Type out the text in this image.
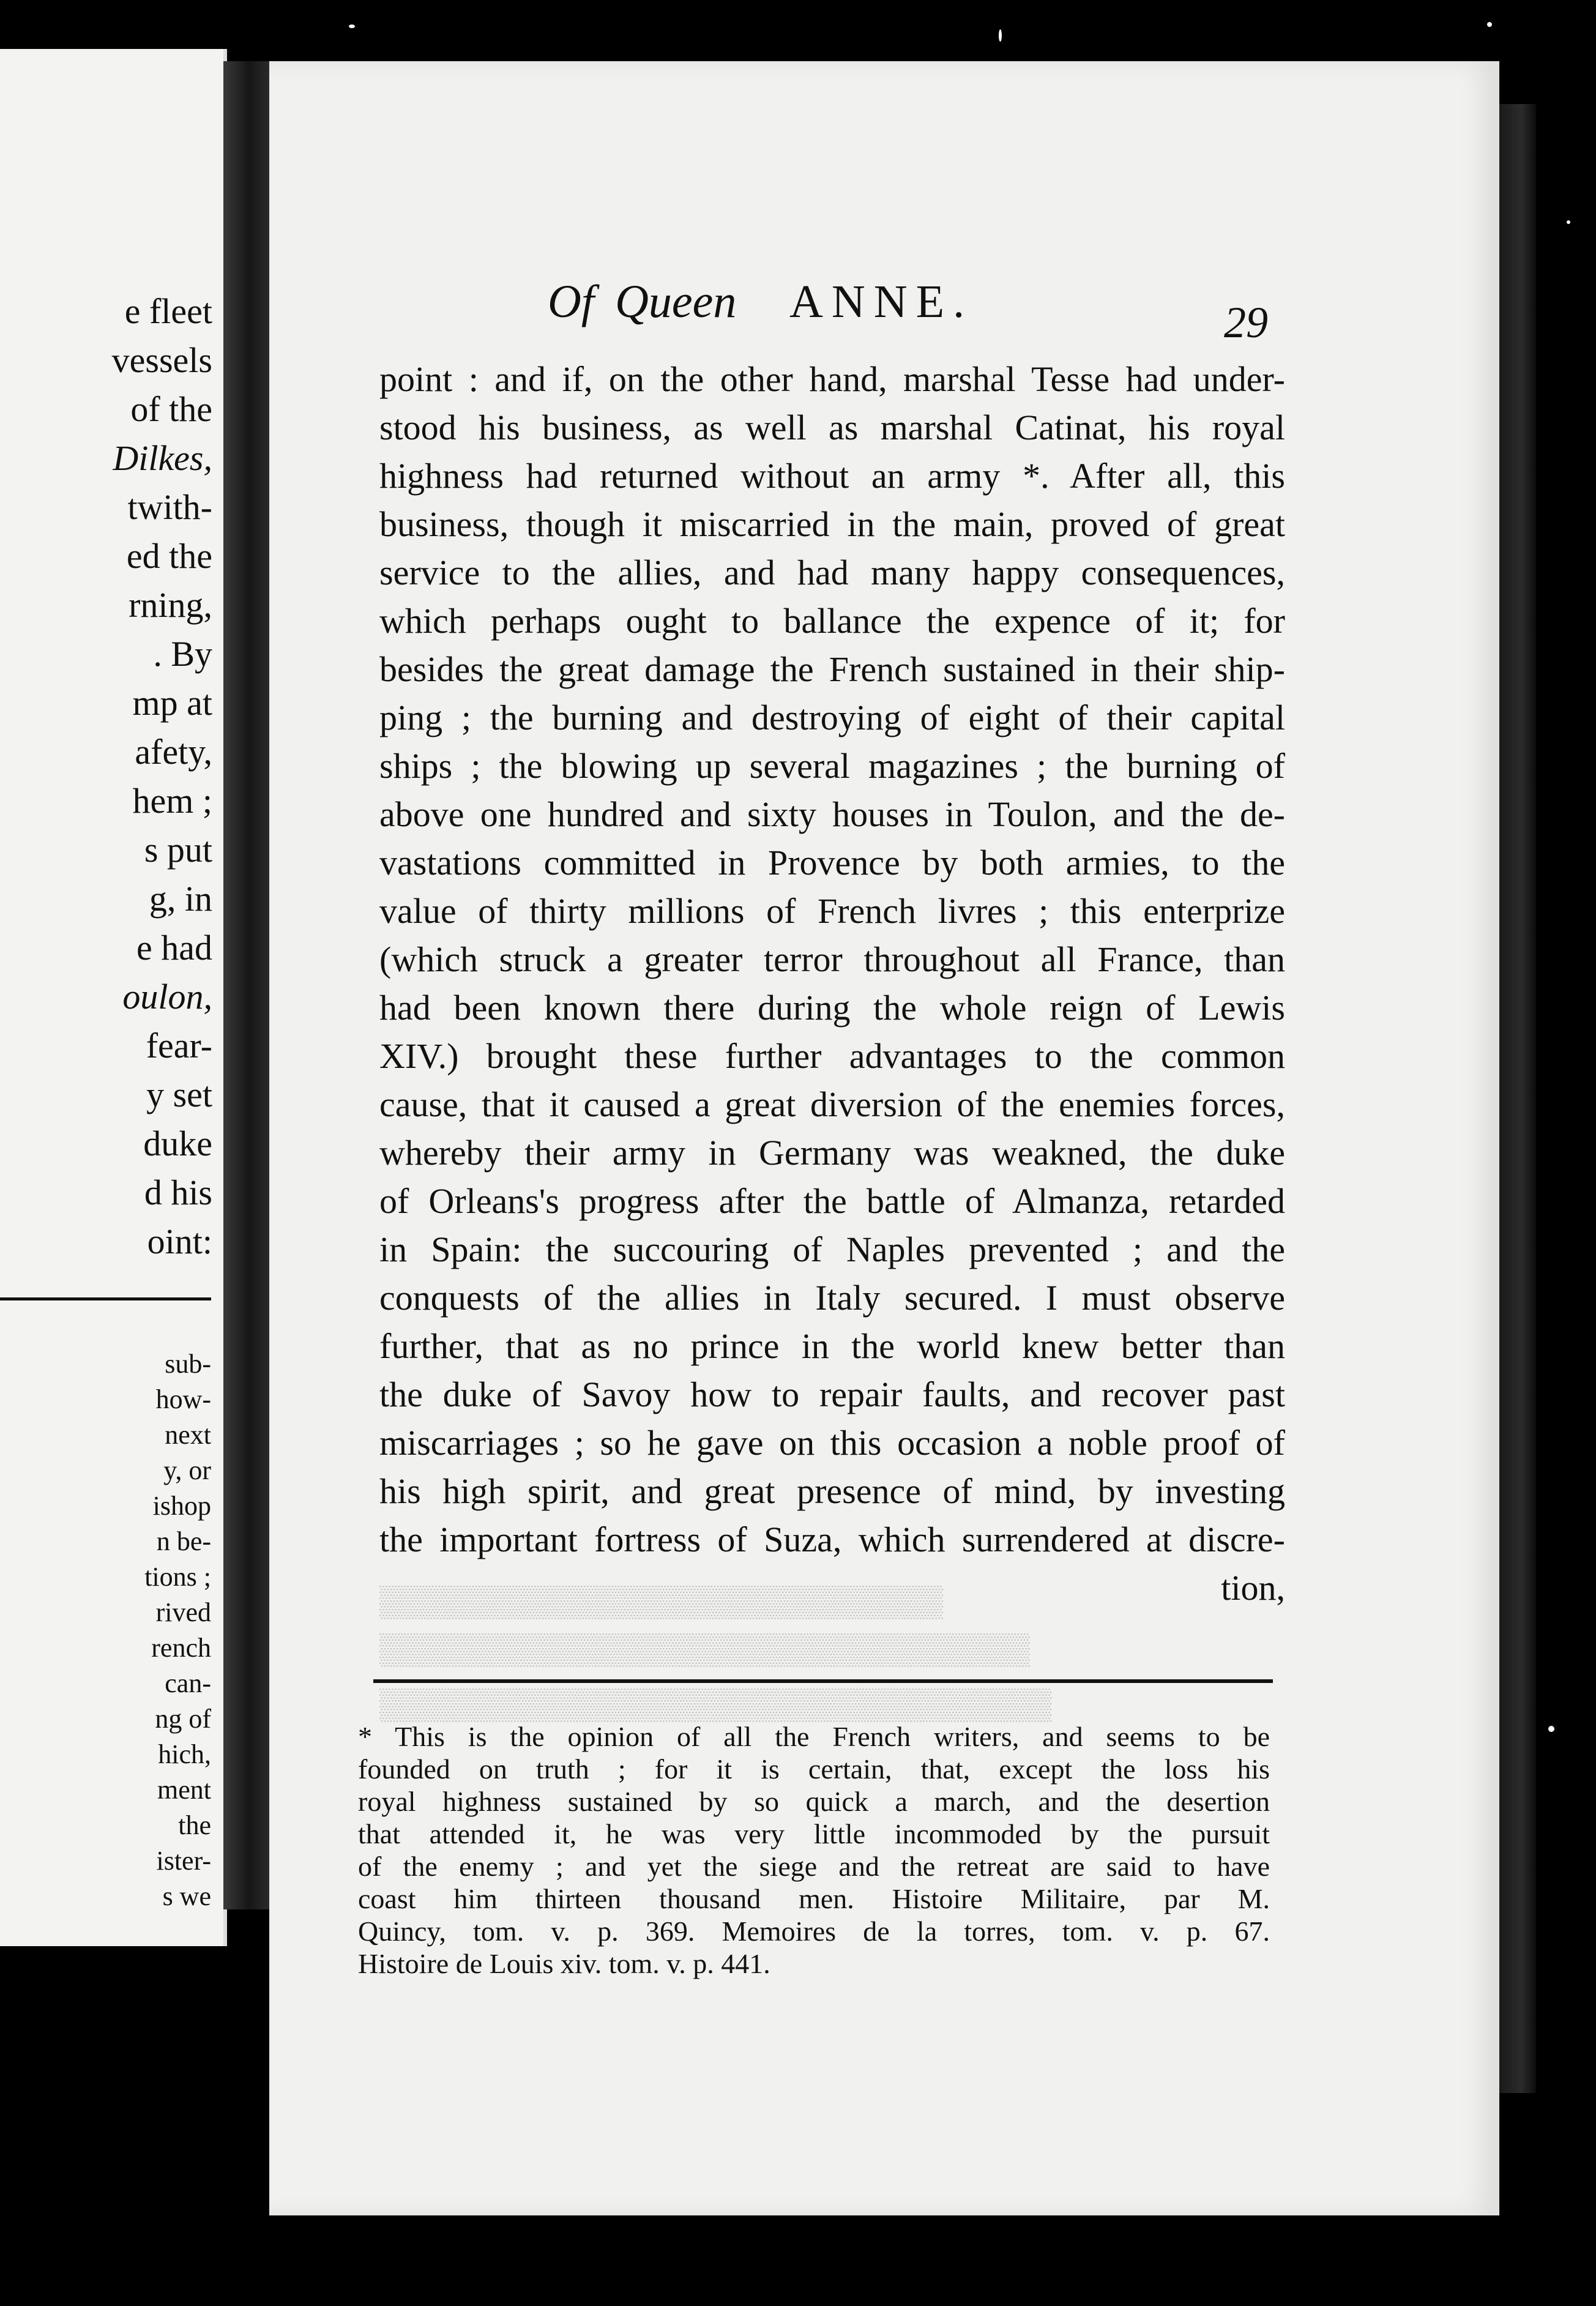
e fleet
vessels
of the
Dilkes,
twith-
ed the
rning,
. By
mp at
afety,
hem ;
s put
g, in
e had
oulon,
fear-
y set
duke
d his
oint:
sub-
how-
next
y, or
ishop
n be-
tions ;
rived
rench
can-
ng of
hich,
ment
the
ister-
s we
▒▒▒▒▒▒▒▒▒▒▒▒▒▒▒▒▒▒▒▒▒▒▒▒▒▒
▒▒▒▒▒▒▒▒▒▒▒▒▒▒▒▒▒▒▒▒▒▒▒▒▒▒▒▒▒▒
▒▒▒▒▒▒▒▒▒▒▒▒▒▒▒▒▒▒▒▒▒▒▒▒▒▒▒▒▒▒▒
Of Queen ANNE.	29
point : and if, on the other hand, marshal Tesse had under-
stood his business, as well as marshal Catinat, his royal
highness had returned without an army *. After all, this
business, though it miscarried in the main, proved of great
service to the allies, and had many happy consequences,
which perhaps ought to ballance the expence of it; for
besides the great damage the French sustained in their ship-
ping ; the burning and destroying of eight of their capital
ships ; the blowing up several magazines ; the burning of
above one hundred and sixty houses in Toulon, and the de-
vastations committed in Provence by both armies, to the
value of thirty millions of French livres ; this enterprize
(which struck a greater terror throughout all France, than
had been known there during the whole reign of Lewis
XIV.) brought these further advantages to the common
cause, that it caused a great diversion of the enemies forces,
whereby their army in Germany was weakned, the duke
of Orleans's progress after the battle of Almanza, retarded
in Spain: the succouring of Naples prevented ; and the
conquests of the allies in Italy secured. I must observe
further, that as no prince in the world knew better than
the duke of Savoy how to repair faults, and recover past
miscarriages ; so he gave on this occasion a noble proof of
his high spirit, and great presence of mind, by investing
the important fortress of Suza, which surrendered at discre-
tion,
* This is the opinion of all the French writers, and seems to be
founded on truth ; for it is certain, that, except the loss his
royal highness sustained by so quick a march, and the desertion
that attended it, he was very little incommoded by the pursuit
of the enemy ; and yet the siege and the retreat are said to have
coast him thirteen thousand men. Histoire Militaire, par M.
Quincy, tom. v. p. 369. Memoires de la torres, tom. v. p. 67.
Histoire de Louis xiv. tom. v. p. 441.
